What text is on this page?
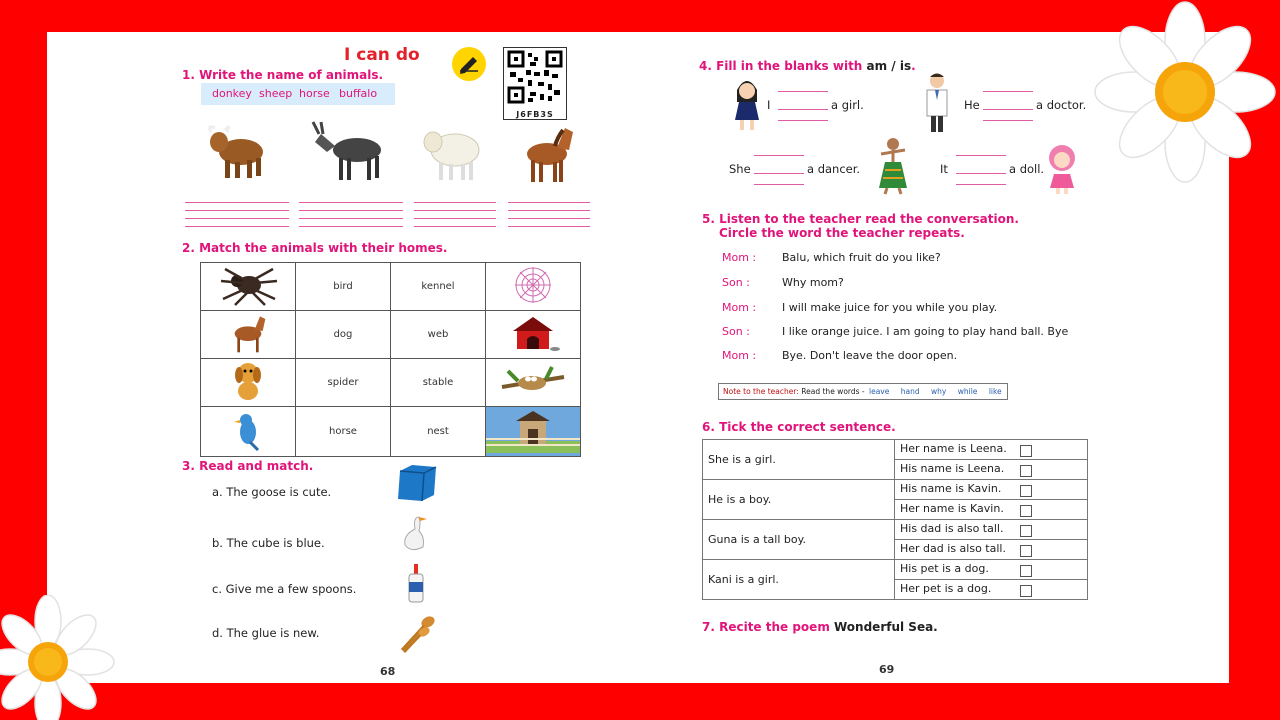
I can do
J6FB3S
1. Write the name of animals.
donkey sheep horse buffalo
2. Match the animals with their homes.
	bird	kennel	
	dog	web	
	spider	stable	
	horse	nest	
3. Read and match.
a. The goose is cute.
b. The cube is blue.
c. Give me a few spoons.
d. The glue is new.
68
4. Fill in the blanks with am / is.
I	a girl.	He	a doctor.
She	a dancer.	It	a doll.
5. Listen to the teacher read the conversation.
Circle the word the teacher repeats.
Mom : Balu, which fruit do you like?
Son :	Why mom?
Mom : I will make juice for you while you play.
Son :	I like orange juice. I am going to play hand ball. Bye
Mom : Bye. Don't leave the door open.
Note to the teacher: Read the words - leave hand why while like
6. Tick the correct sentence.
She is a girl.	Her name is Leena.

	His name is Leena.

He is a boy.	His name is Kavin.

	Her name is Kavin.

Guna is a tall boy.	His dad is also tall.

	Her dad is also tall.

Kani is a girl.	His pet is a dog.

	Her pet is a dog.
7. Recite the poem Wonderful Sea.
69
